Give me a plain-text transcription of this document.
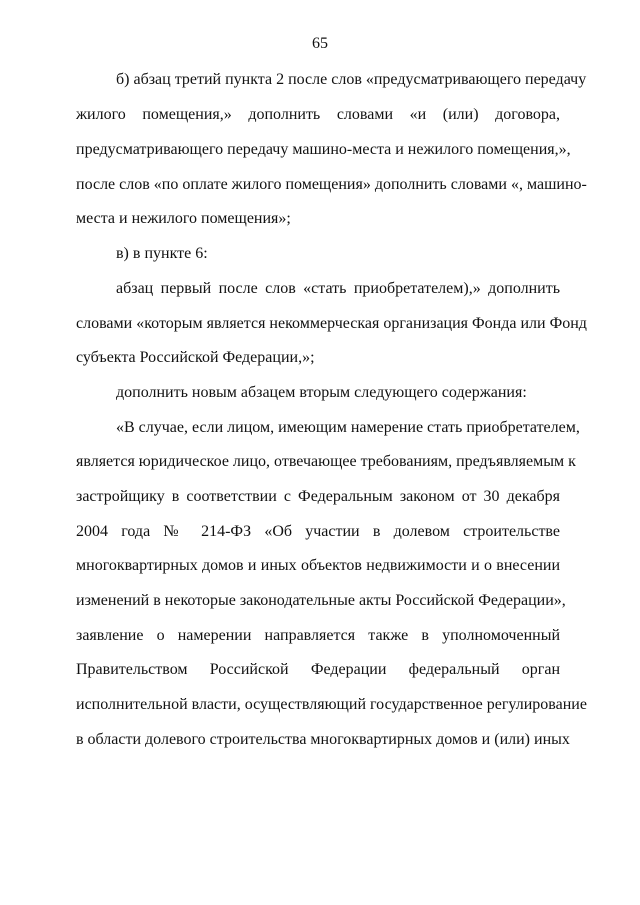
65
б) абзац третий пункта 2 после слов «предусматривающего передачу
жилого помещения,» дополнить словами «и (или) договора,
предусматривающего передачу машино-места и нежилого помещения,»,
после слов «по оплате жилого помещения» дополнить словами «, машино-
места и нежилого помещения»;
в) в пункте 6:
абзац первый после слов «стать приобретателем),» дополнить
словами «которым является некоммерческая организация Фонда или Фонд
субъекта Российской Федерации,»;
дополнить новым абзацем вторым следующего содержания:
«В случае, если лицом, имеющим намерение стать приобретателем,
является юридическое лицо, отвечающее требованиям, предъявляемым к
застройщику в соответствии с Федеральным законом от 30 декабря
2004 года № 214-ФЗ «Об участии в долевом строительстве
многоквартирных домов и иных объектов недвижимости и о внесении
изменений в некоторые законодательные акты Российской Федерации»,
заявление о намерении направляется также в уполномоченный
Правительством Российской Федерации федеральный орган
исполнительной власти, осуществляющий государственное регулирование
в области долевого строительства многоквартирных домов и (или) иных
